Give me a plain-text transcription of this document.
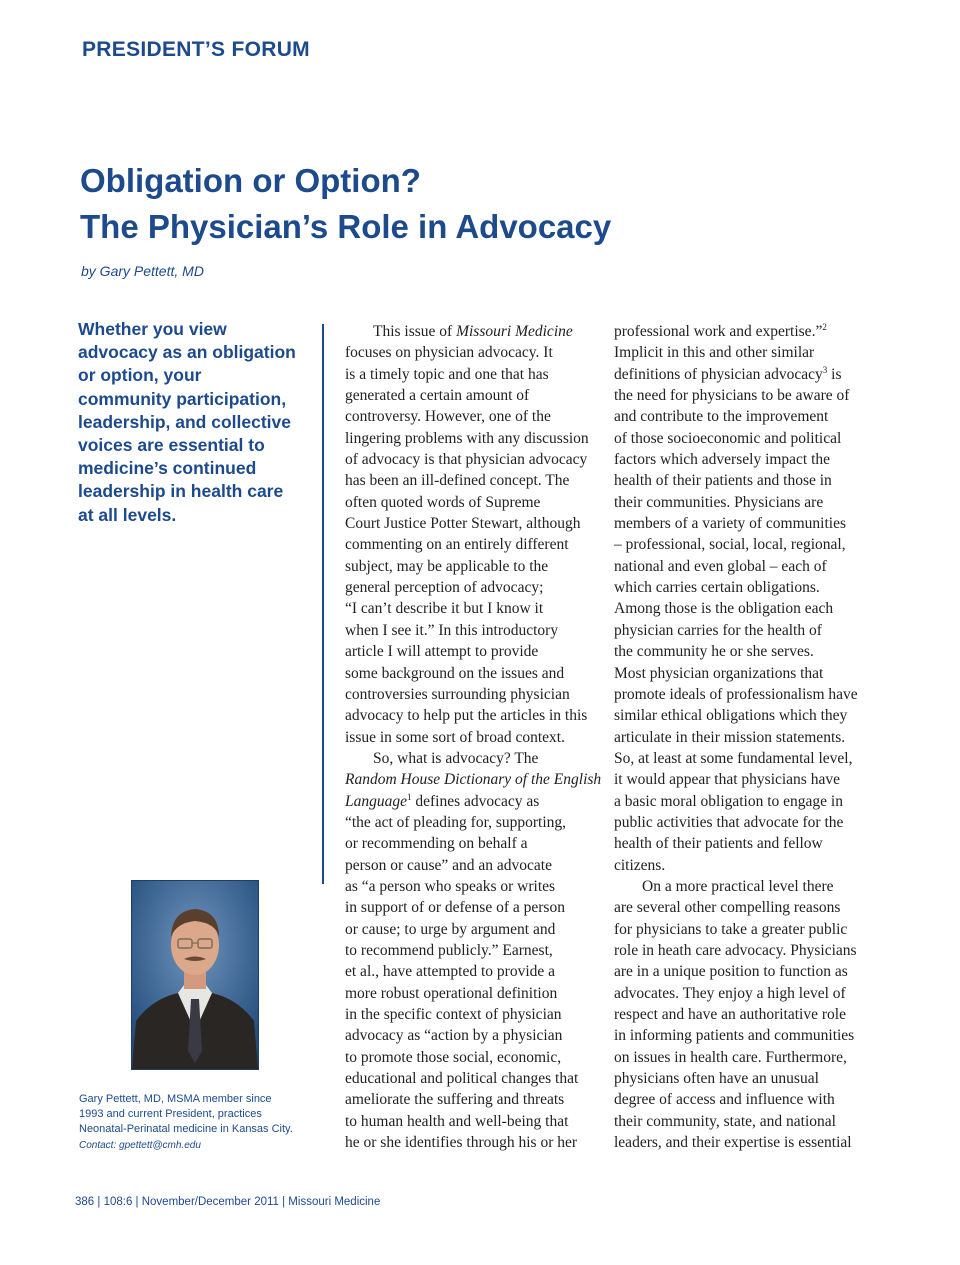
PRESIDENT’S FORUM
Obligation or Option?
The Physician’s Role in Advocacy
by Gary Pettett, MD
Whether you view
advocacy as an obligation
or option, your
community participation,
leadership, and collective
voices are essential to
medicine’s continued
leadership in health care
at all levels.
Gary Pettett, MD, MSMA member since
1993 and current President, practices
Neonatal-Perinatal medicine in Kansas City.
Contact: gpettett@cmh.edu
This issue of Missouri Medicine
focuses on physician advocacy. It
is a timely topic and one that has
generated a certain amount of
controversy. However, one of the
lingering problems with any discussion
of advocacy is that physician advocacy
has been an ill-defined concept. The
often quoted words of Supreme
Court Justice Potter Stewart, although
commenting on an entirely different
subject, may be applicable to the
general perception of advocacy;
“I can’t describe it but I know it
when I see it.” In this introductory
article I will attempt to provide
some background on the issues and
controversies surrounding physician
advocacy to help put the articles in this
issue in some sort of broad context.
So, what is advocacy? The
Random House Dictionary of the English
Language$^1$ defines advocacy as
“the act of pleading for, supporting,
or recommending on behalf a
person or cause” and an advocate
as “a person who speaks or writes
in support of or defense of a person
or cause; to urge by argument and
to recommend publicly.” Earnest,
et al., have attempted to provide a
more robust operational definition
in the specific context of physician
advocacy as “action by a physician
to promote those social, economic,
educational and political changes that
ameliorate the suffering and threats
to human health and well-being that
he or she identifies through his or her
professional work and expertise.”$^2$
Implicit in this and other similar
definitions of physician advocacy$^3$ is
the need for physicians to be aware of
and contribute to the improvement
of those socioeconomic and political
factors which adversely impact the
health of their patients and those in
their communities. Physicians are
members of a variety of communities
– professional, social, local, regional,
national and even global – each of
which carries certain obligations.
Among those is the obligation each
physician carries for the health of
the community he or she serves.
Most physician organizations that
promote ideals of professionalism have
similar ethical obligations which they
articulate in their mission statements.
So, at least at some fundamental level,
it would appear that physicians have
a basic moral obligation to engage in
public activities that advocate for the
health of their patients and fellow
citizens.
On a more practical level there
are several other compelling reasons
for physicians to take a greater public
role in heath care advocacy. Physicians
are in a unique position to function as
advocates. They enjoy a high level of
respect and have an authoritative role
in informing patients and communities
on issues in health care. Furthermore,
physicians often have an unusual
degree of access and influence with
their community, state, and national
leaders, and their expertise is essential
386 | 108:6 | November/December 2011 | Missouri Medicine
